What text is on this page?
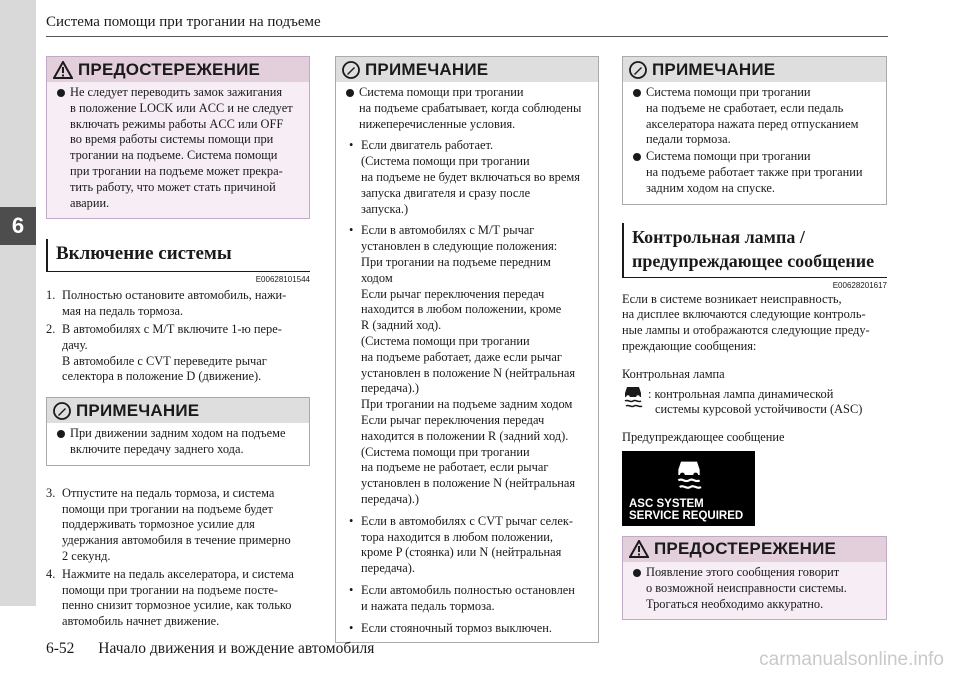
6
Система помощи при трогании на подъеме
ПРЕДОСТЕРЕЖЕНИЕ
Не следует переводить замок зажигания
в положение LOCK или ACC и не следует
включать режимы работы ACC или OFF
во время работы системы помощи при
трогании на подъеме. Система помощи
при трогании на подъеме может прекра-
тить работу, что может стать причиной
аварии.
Включение системы
E00628101544
1. Полностью остановите автомобиль, нажи-
мая на педаль тормоза.
2. В автомобилях с М/Т включите 1-ю пере-
дачу.
В автомобиле с CVT переведите рычаг
селектора в положение D (движение).
ПРИМЕЧАНИЕ
При движении задним ходом на подъеме
включите передачу заднего хода.
3. Отпустите на педаль тормоза, и система
помощи при трогании на подъеме будет
поддерживать тормозное усилие для
удержания автомобиля в течение примерно
2 секунд.
4. Нажмите на педаль акселератора, и система
помощи при трогании на подъеме посте-
пенно снизит тормозное усилие, как только
автомобиль начнет движение.
ПРИМЕЧАНИЕ
Система помощи при трогании
на подъеме срабатывает, когда соблюдены
нижеперечисленные условия.
• Если двигатель работает.
(Система помощи при трогании
на подъеме не будет включаться во время
запуска двигателя и сразу после
запуска.)
• Если в автомобилях с М/Т рычаг
установлен в следующие положения:
При трогании на подъеме передним
ходом
Если рычаг переключения передач
находится в любом положении, кроме
R (задний ход).
(Система помощи при трогании
на подъеме работает, даже если рычаг
установлен в положение N (нейтральная
передача).)
При трогании на подъеме задним ходом
Если рычаг переключения передач
находится в положении R (задний ход).
(Система помощи при трогании
на подъеме не работает, если рычаг
установлен в положение N (нейтральная
передача).)
• Если в автомобилях с CVT рычаг селек-
тора находится в любом положении,
кроме P (стоянка) или N (нейтральная
передача).
• Если автомобиль полностью остановлен
и нажата педаль тормоза.
• Если стояночный тормоз выключен.
ПРИМЕЧАНИЕ
Система помощи при трогании
на подъеме не сработает, если педаль
акселератора нажата перед отпусканием
педали тормоза.
Система помощи при трогании
на подъеме работает также при трогании
задним ходом на спуске.
Контрольная лампа /
предупреждающее сообщение
E00628201617
Если в системе возникает неисправность,
на дисплее включаются следующие контроль-
ные лампы и отображаются следующие преду-
преждающие сообщения:
Контрольная лампа
: контрольная лампа динамической
системы курсовой устойчивости (ASC)
Предупреждающее сообщение
ASC SYSTEM
SERVICE REQUIRED
ПРЕДОСТЕРЕЖЕНИЕ
Появление этого сообщения говорит
о возможной неисправности системы.
Трогаться необходимо аккуратно.
6-52 Начало движения и вождение автомобиля
carmanualsonline.info
